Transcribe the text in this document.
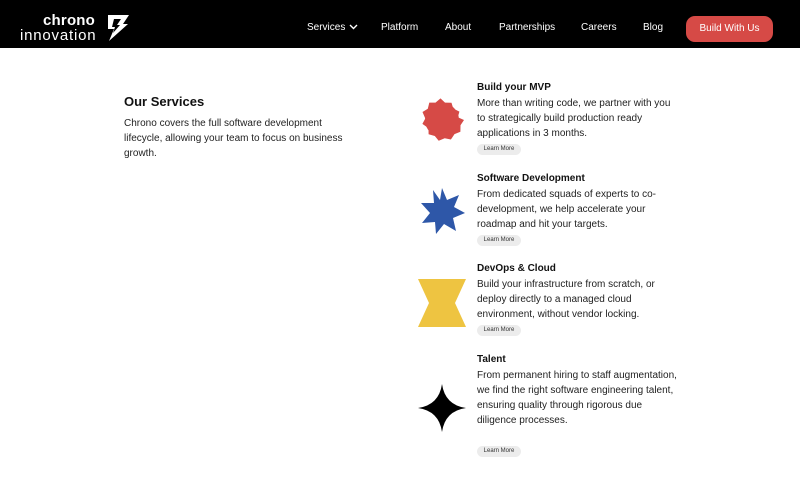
chrono
innovation	Services	Platform	About	Partnerships	Careers	Blog	Build With Us
Our Services

Chrono covers the full software development lifecycle, allowing your team to focus on business growth.

Build your MVP

More than writing code, we partner with you to strategically build production ready applications in 3 months.

Learn More
Software Development

From dedicated squads of experts to co-development, we help accelerate your roadmap and hit your targets.

Learn More
DevOps & Cloud

Build your infrastructure from scratch, or deploy directly to a managed cloud environment, without vendor locking.

Learn More
Talent

From permanent hiring to staff augmentation, we find the right software engineering talent, ensuring quality through rigorous due diligence processes.

Learn More
